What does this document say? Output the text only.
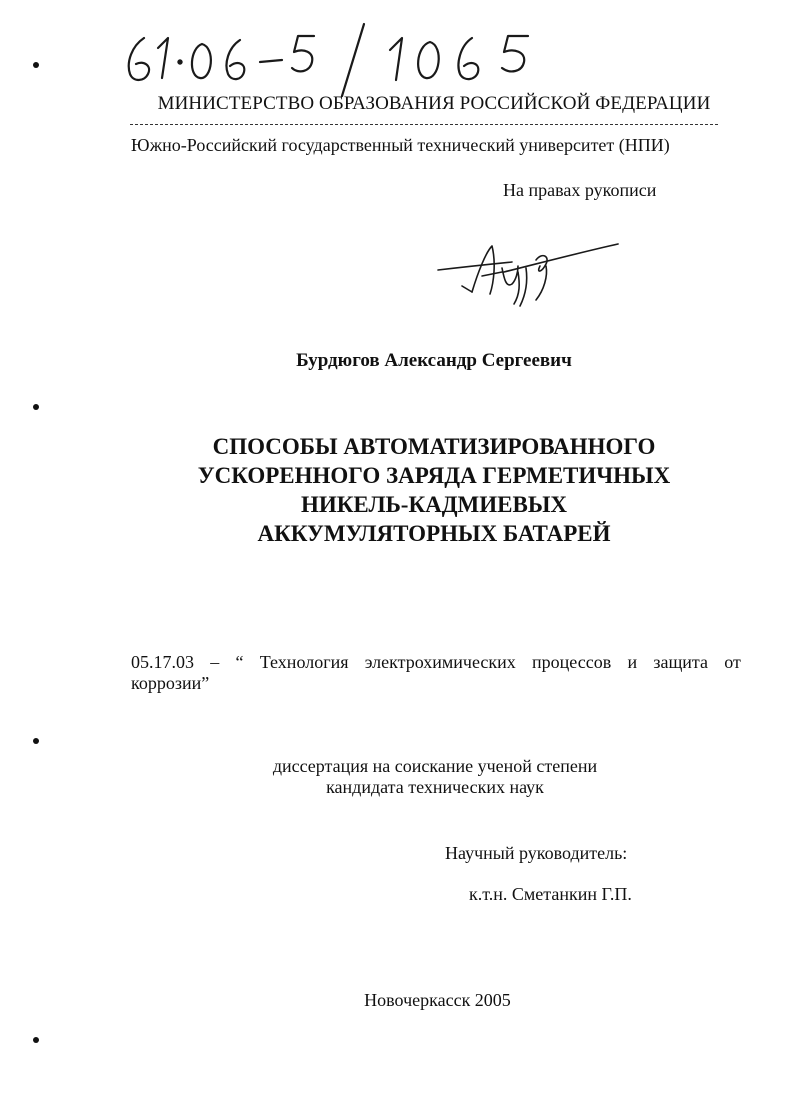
МИНИСТЕРСТВО ОБРАЗОВАНИЯ РОССИЙСКОЙ ФЕДЕРАЦИИ
Южно-Российский государственный технический университет (НПИ)
На правах рукописи
Бурдюгов Александр Сергеевич
СПОСОБЫ АВТОМАТИЗИРОВАННОГО
УСКОРЕННОГО ЗАРЯДА ГЕРМЕТИЧНЫХ
НИКЕЛЬ-КАДМИЕВЫХ
АККУМУЛЯТОРНЫХ БАТАРЕЙ
05.17.03 – “ Технология электрохимических процессов и защита от
коррозии”
диссертация на соискание ученой степени
кандидата технических наук
Научный руководитель:
к.т.н. Сметанкин Г.П.
Новочеркасск 2005
